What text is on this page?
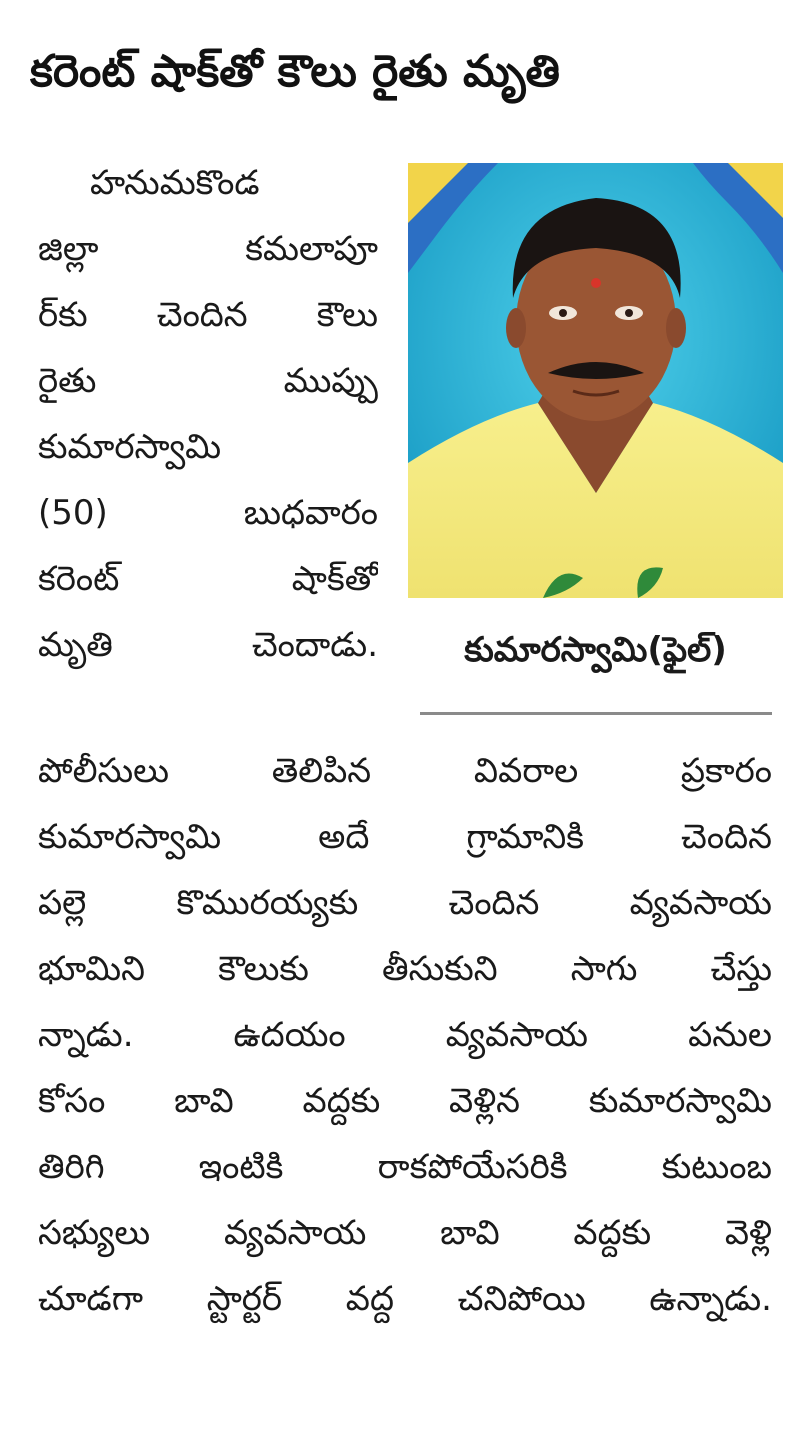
కరెంట్ షాక్‌తో కౌలు రైతు మృతి
హనుమకొండ
జిల్లా కమలాపూ
ర్‌కు చెందిన కౌలు
రైతు ముప్పు
కుమారస్వామి
(50) బుధవారం
కరెంట్ షాక్‌తో
మృతి చెందాడు.	కుమారస్వామి(ఫైల్)
పోలీసులు తెలిపిన వివరాల ప్రకారం
కుమారస్వామి అదే గ్రామానికి చెందిన
పల్లె కొమురయ్యకు చెందిన వ్యవసాయ
భూమిని కౌలుకు తీసుకుని సాగు చేస్తు
న్నాడు. ఉదయం వ్యవసాయ పనుల
కోసం బావి వద్దకు వెళ్లిన కుమారస్వామి
తిరిగి ఇంటికి రాకపోయేసరికి కుటుంబ
సభ్యులు వ్యవసాయ బావి వద్దకు వెళ్లి
చూడగా స్టార్టర్ వద్ద చనిపోయి ఉన్నాడు.
